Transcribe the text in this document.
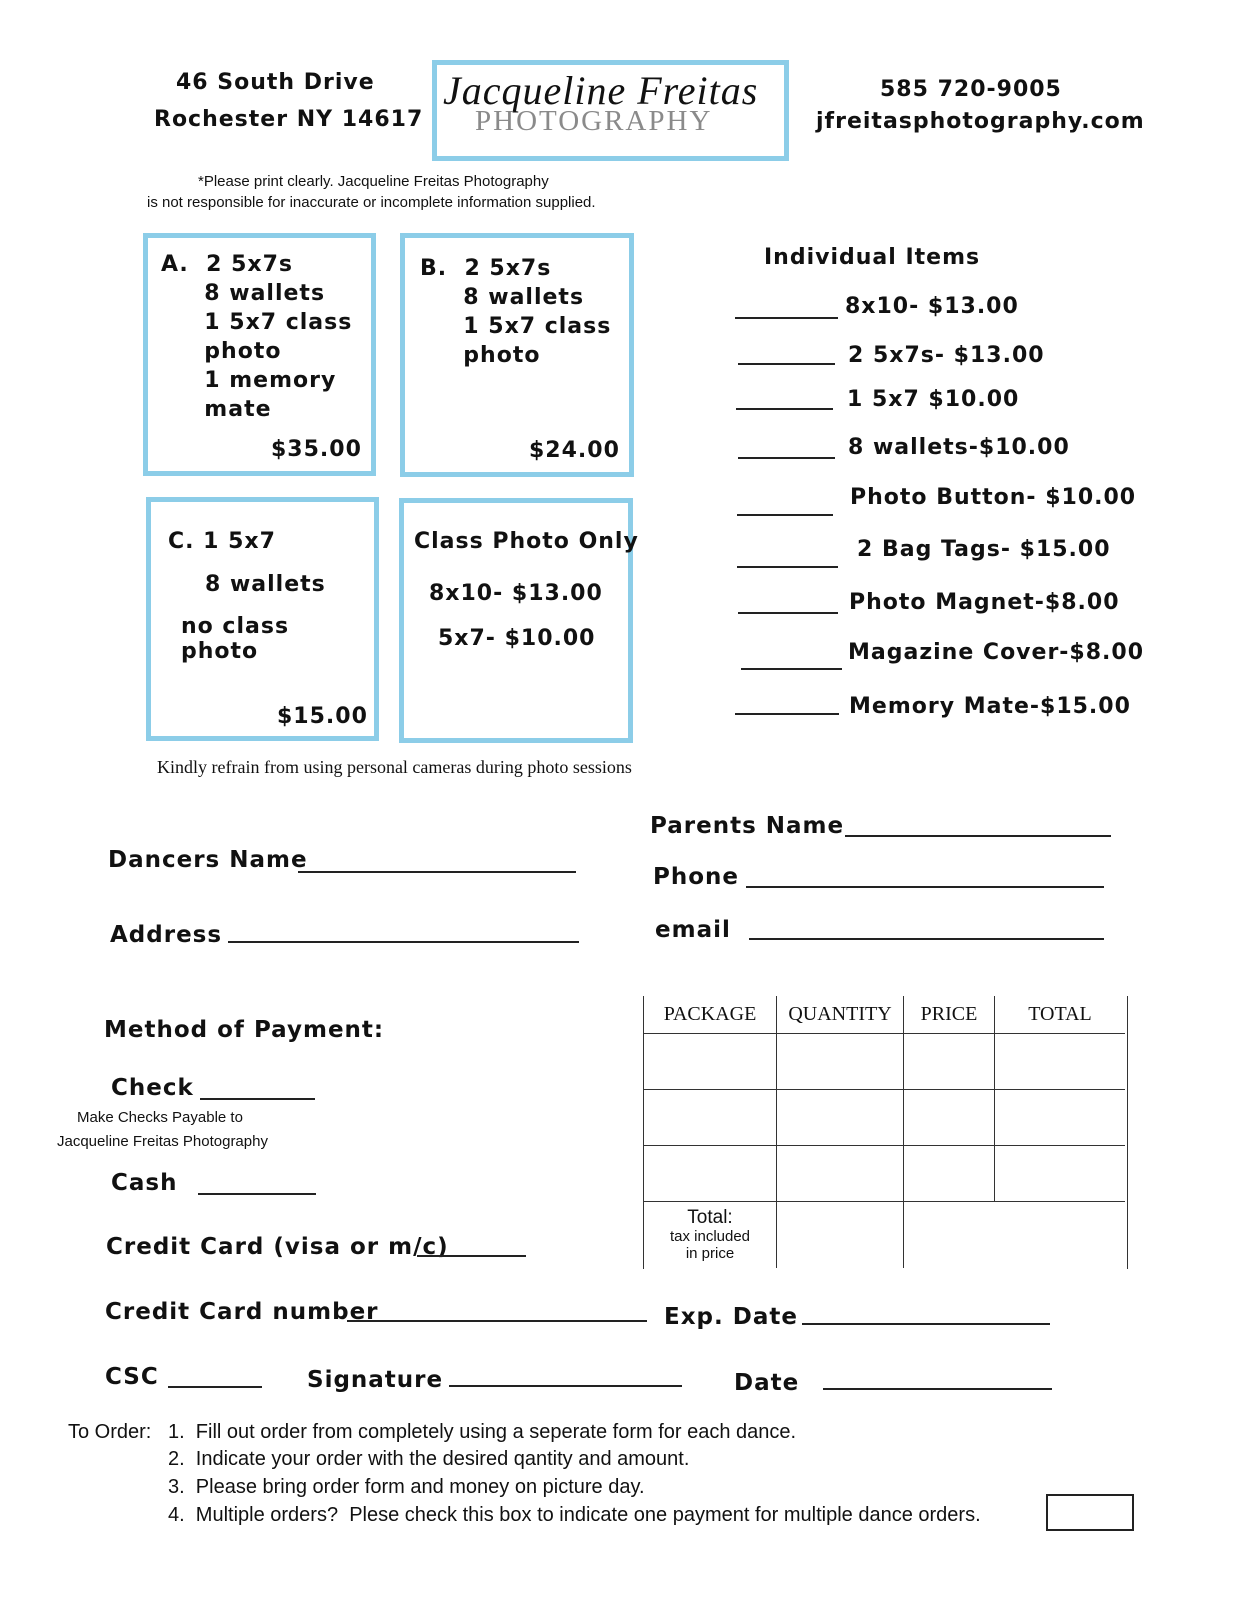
46 South Drive
Rochester NY 14617
Jacqueline Freitas
PHOTOGRAPHY
585 720-9005
jfreitasphotography.com
*Please print clearly. Jacqueline Freitas Photography
is not responsible for inaccurate or incomplete information supplied.
A.  2 5x7s
8 wallets
1 5x7 class
photo
1 memory
mate
$35.00
B.  2 5x7s
8 wallets
1 5x7 class
photo
$24.00
C. 1 5x7
8 wallets
no class photo
$15.00
Class Photo Only
8x10- $13.00
5x7- $10.00
Individual Items
8x10- $13.00
2 5x7s- $13.00
1 5x7 $10.00
8 wallets-$10.00
Photo Button- $10.00
2 Bag Tags- $15.00
Photo Magnet-$8.00
Magazine Cover-$8.00
Memory Mate-$15.00
Kindly refrain from using personal cameras during photo sessions
Dancers Name
Address
Parents Name
Phone
email
Method of Payment:
Check
Make Checks Payable to
Jacqueline Freitas Photography
Cash
Credit Card (visa or m/c)
Credit Card number	Exp. Date
CSC	Signature	Date
PACKAGE	QUANTITY	PRICE	TOTAL

Total:
tax included
in price			

To Order: 1.  Fill out order from completely using a seperate form for each dance.
2.  Indicate your order with the desired qantity and amount.
3.  Please bring order form and money on picture day.
4.  Multiple orders?  Plese check this box to indicate one payment for multiple dance orders.
